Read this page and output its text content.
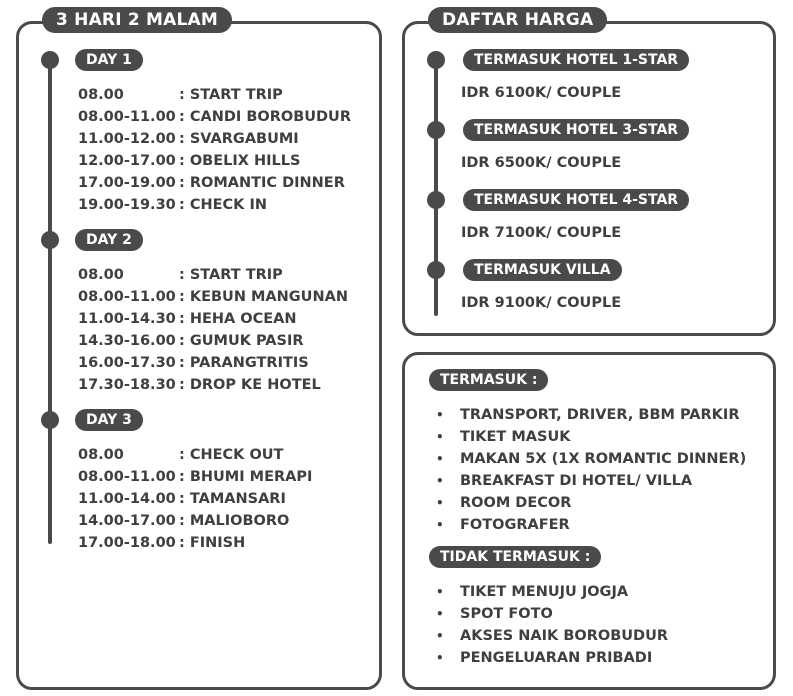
3 HARI 2 MALAM
DAY 1
08.00	: START TRIP
08.00-11.00 : CANDI BOROBUDUR
11.00-12.00 : SVARGABUMI
12.00-17.00 : OBELIX HILLS
17.00-19.00 : ROMANTIC DINNER
19.00-19.30 : CHECK IN
DAY 2
08.00	: START TRIP
08.00-11.00 : KEBUN MANGUNAN
11.00-14.30 : HEHA OCEAN
14.30-16.00 : GUMUK PASIR
16.00-17.30 : PARANGTRITIS
17.30-18.30 : DROP KE HOTEL
DAY 3
08.00	: CHECK OUT
08.00-11.00 : BHUMI MERAPI
11.00-14.00 : TAMANSARI
14.00-17.00 : MALIOBORO
17.00-18.00 : FINISH
DAFTAR HARGA
TERMASUK HOTEL 1-STAR
IDR 6100K/ COUPLE
TERMASUK HOTEL 3-STAR
IDR 6500K/ COUPLE
TERMASUK HOTEL 4-STAR
IDR 7100K/ COUPLE
TERMASUK VILLA
IDR 9100K/ COUPLE
TERMASUK :
•	TRANSPORT, DRIVER, BBM PARKIR
•	TIKET MASUK
•	MAKAN 5X (1X ROMANTIC DINNER)
•	BREAKFAST DI HOTEL/ VILLA
•	ROOM DECOR
•	FOTOGRAFER
TIDAK TERMASUK :
•	TIKET MENUJU JOGJA
•	SPOT FOTO
•	AKSES NAIK BOROBUDUR
•	PENGELUARAN PRIBADI
